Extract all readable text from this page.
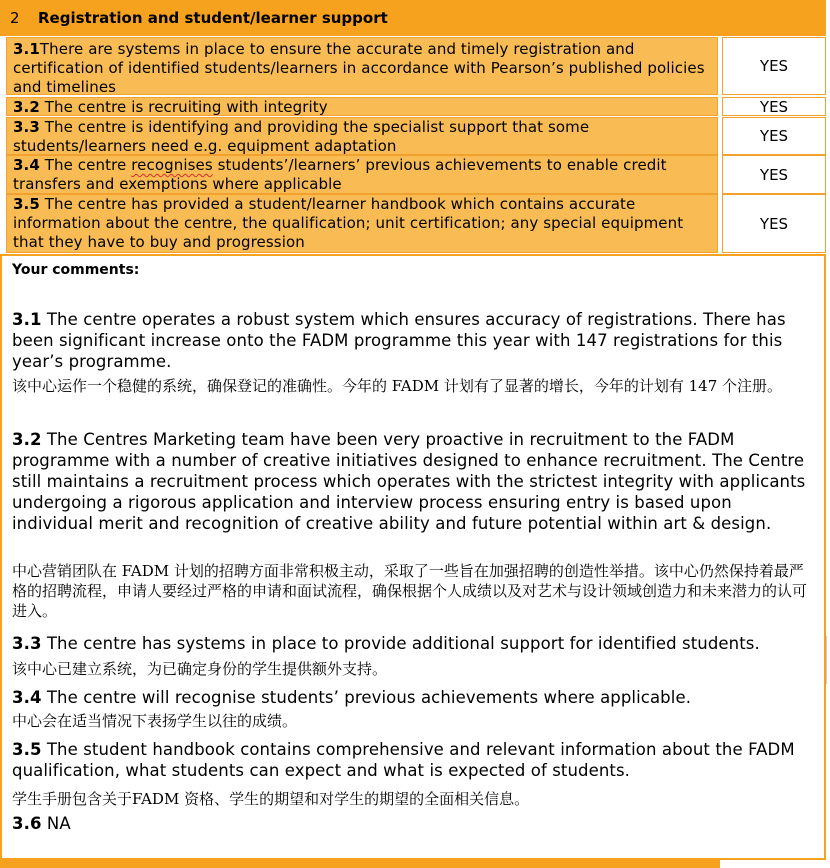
2 Registration and student/learner support
3.1There are systems in place to ensure the accurate and timely registration and certification of identified students/learners in accordance with Pearson’s published policies and timelines
YES
3.2 The centre is recruiting with integrity	YES
3.3 The centre is identifying and providing the specialist support that some students/learners need e.g. equipment adaptation
YES
3.4 The centre recognises students’/learners’ previous achievements to enable credit transfers and exemptions where applicable
YES
3.5 The centre has provided a student/learner handbook which contains accurate information about the centre, the qualification; unit certification; any special equipment that they have to buy and progression
YES
Your comments:
3.1 The centre operates a robust system which ensures accuracy of registrations. There has been significant increase onto the FADM programme this year with 147 registrations for this year’s programme.
该中心运作一个稳健的系统，确保登记的准确性。今年的 FADM 计划有了显著的增长，今年的计划有 147 个注册。
3.2 The Centres Marketing team have been very proactive in recruitment to the FADM programme with a number of creative initiatives designed to enhance recruitment. The Centre still maintains a recruitment process which operates with the strictest integrity with applicants undergoing a rigorous application and interview process ensuring entry is based upon individual merit and recognition of creative ability and future potential within art & design.
中心营销团队在 FADM 计划的招聘方面非常积极主动，采取了一些旨在加强招聘的创造性举措。该中心仍然保持着最严格的招聘流程，申请人要经过严格的申请和面试流程，确保根据个人成绩以及对艺术与设计领域创造力和未来潜力的认可进入。
3.3 The centre has systems in place to provide additional support for identified students.
该中心已建立系统，为已确定身份的学生提供额外支持。
3.4 The centre will recognise students’ previous achievements where applicable.
中心会在适当情况下表扬学生以往的成绩。
3.5 The student handbook contains comprehensive and relevant information about the FADM qualification, what students can expect and what is expected of students.
学生手册包含关于FADM 资格、学生的期望和对学生的期望的全面相关信息。
3.6 NA
